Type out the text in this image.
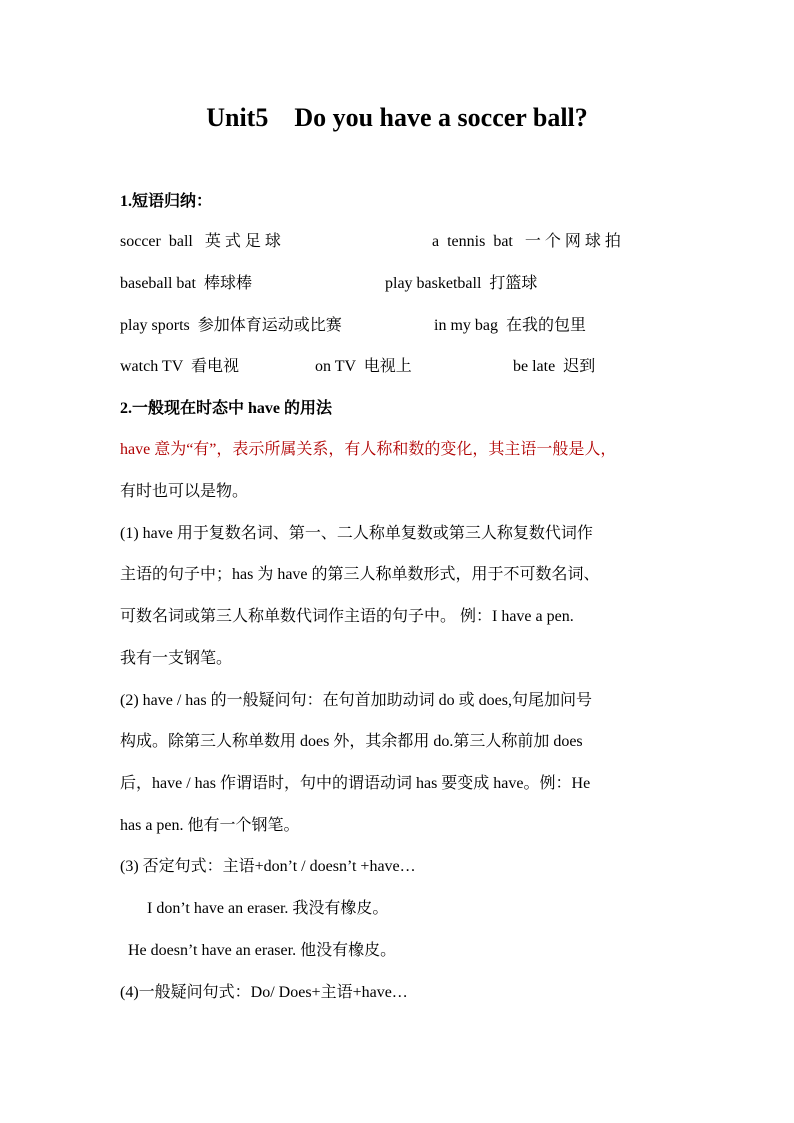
Unit5    Do you have a soccer ball?
1.短语归纳：
soccer  ball   英 式 足 球	a  tennis  bat   一 个 网 球 拍
baseball bat  棒球棒	play basketball  打篮球
play sports  参加体育运动或比赛	in my bag  在我的包里
watch TV  看电视	on TV  电视上	be late  迟到
2.一般现在时态中 have 的用法
have 意为“有”，表示所属关系，有人称和数的变化，其主语一般是人，
有时也可以是物。
(1) have 用于复数名词、第一、二人称单复数或第三人称复数代词作
主语的句子中；has 为 have 的第三人称单数形式，用于不可数名词、
可数名词或第三人称单数代词作主语的句子中。 例：I have a pen.
我有一支钢笔。
(2) have / has 的一般疑问句：在句首加助动词 do 或 does,句尾加问号
构成。除第三人称单数用 does 外，其余都用 do.第三人称前加 does
后，have / has 作谓语时，句中的谓语动词 has 要变成 have。例：He
has a pen. 他有一个钢笔。
(3) 否定句式：主语+don’t / doesn’t +have…
I don’t have an eraser. 我没有橡皮。
He doesn’t have an eraser. 他没有橡皮。
(4)一般疑问句式：Do/ Does+主语+have…
